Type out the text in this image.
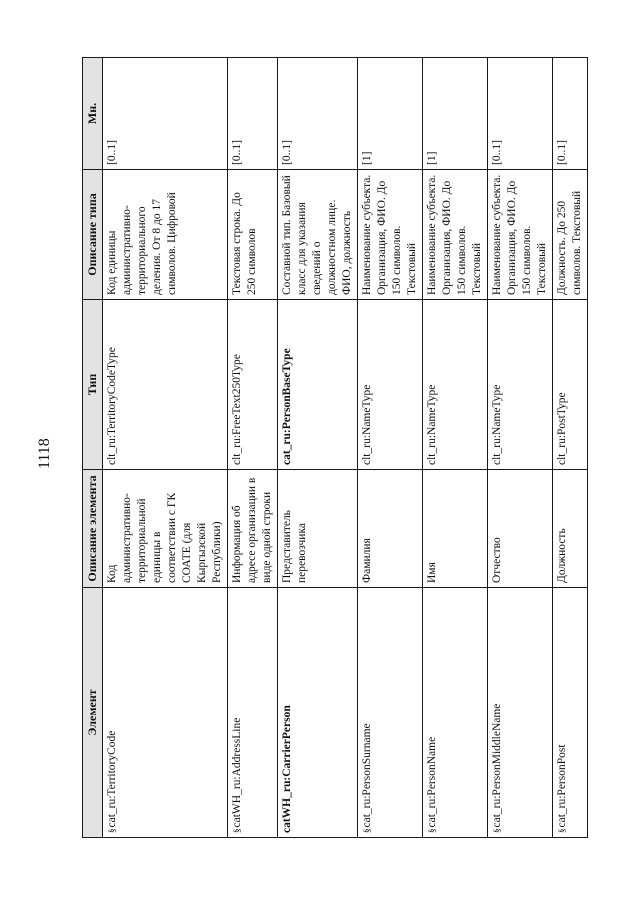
1118
Элемент	Описание элемента	Тип	Описание типа	Мн.
§cat_ru:TerritoryCode	Код административно-территориальной единицы в соответствии с ГК СОАТЕ (для Кыргызской Республики)	clt_ru:TerritoryCodeType	Код единицы административно-территориального деления. От 8 до 17 символов. Цифровой	[0..1]
§catWH_ru:AddressLine	Информация об адресе организации в виде одной строки	clt_ru:FreeText250Type	Текстовая строка. До 250 символов	[0..1]
catWH_ru:CarrierPerson	Представитель перевозчика	cat_ru:PersonBaseType	Составной тип. Базовый класс для указания сведений о должностном лице. ФИО, должность	[0..1]
§cat_ru:PersonSurname	Фамилия	clt_ru:NameType	Наименование субъекта. Организация, ФИО. До 150 символов. Текстовый	[1]
§cat_ru:PersonName	Имя	clt_ru:NameType	Наименование субъекта. Организация, ФИО. До 150 символов. Текстовый	[1]
§cat_ru:PersonMiddleName	Отчество	clt_ru:NameType	Наименование субъекта. Организация, ФИО. До 150 символов. Текстовый	[0..1]
§cat_ru:PersonPost	Должность	clt_ru:PostType	Должность. До 250 символов. Текстовый	[0..1]
